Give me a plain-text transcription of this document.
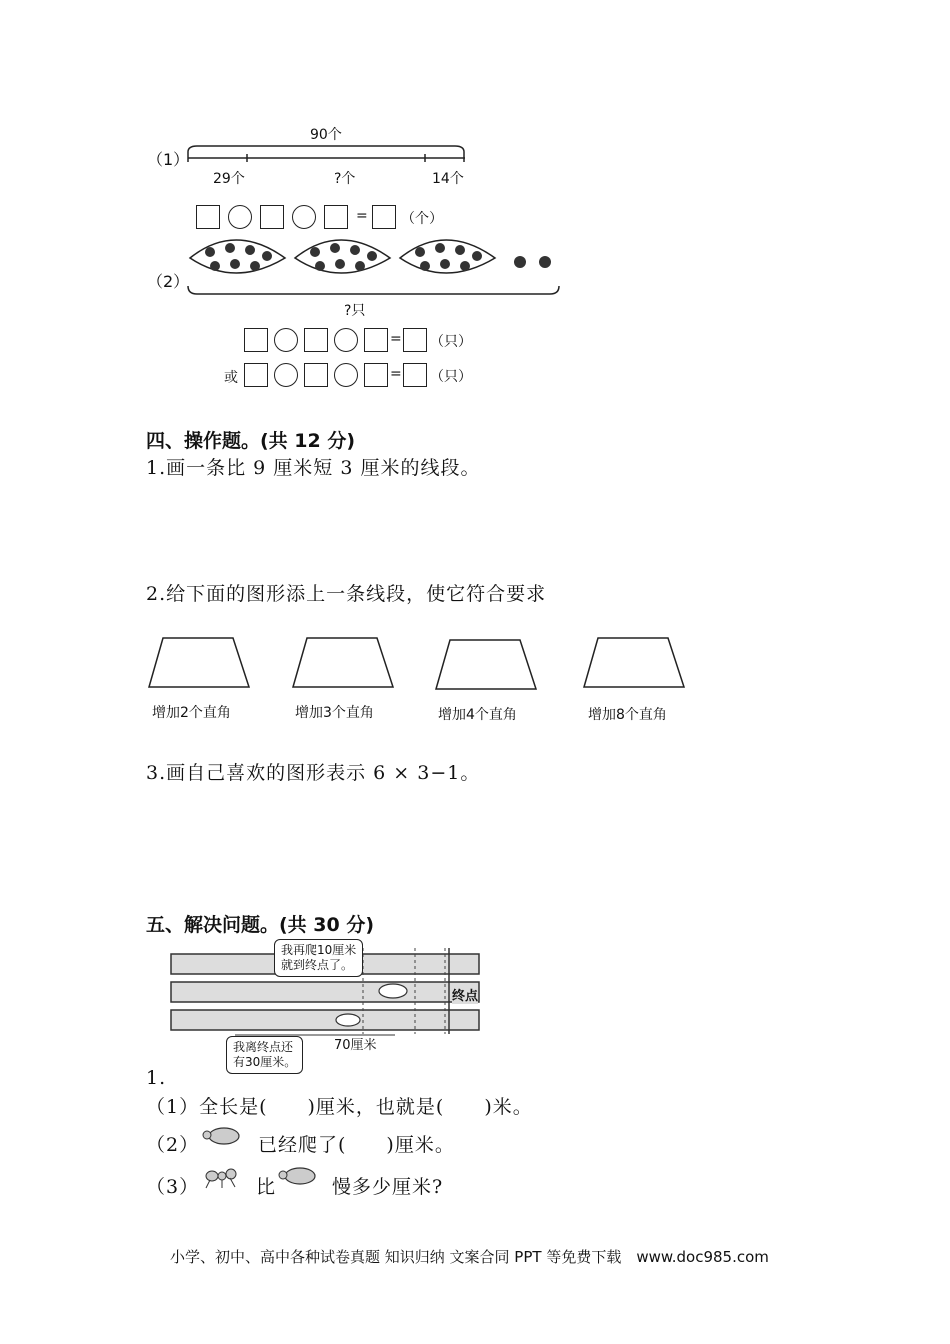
（1）
90个
29个	?个	14个
= （个）
（2）
?只
= （只）
或	= （只）
四、操作题。(共 12 分)
1.画一条比 9 厘米短 3 厘米的线段。
2.给下面的图形添上一条线段，使它符合要求
增加2个直角	增加3个直角	增加4个直角	增加8个直角
3.画自己喜欢的图形表示 6 × 3−1。
五、解决问题。(共 30 分)
我再爬10厘米
就到终点了。
终点
我离终点还
有30厘米。
70厘米
1.
（1）全长是(　　)厘米，也就是(　　)米。
（2）	已经爬了(　　)厘米。
（3）	比	慢多少厘米?
小学、初中、高中各种试卷真题 知识归纳 文案合同 PPT 等免费下载　www.doc985.com
